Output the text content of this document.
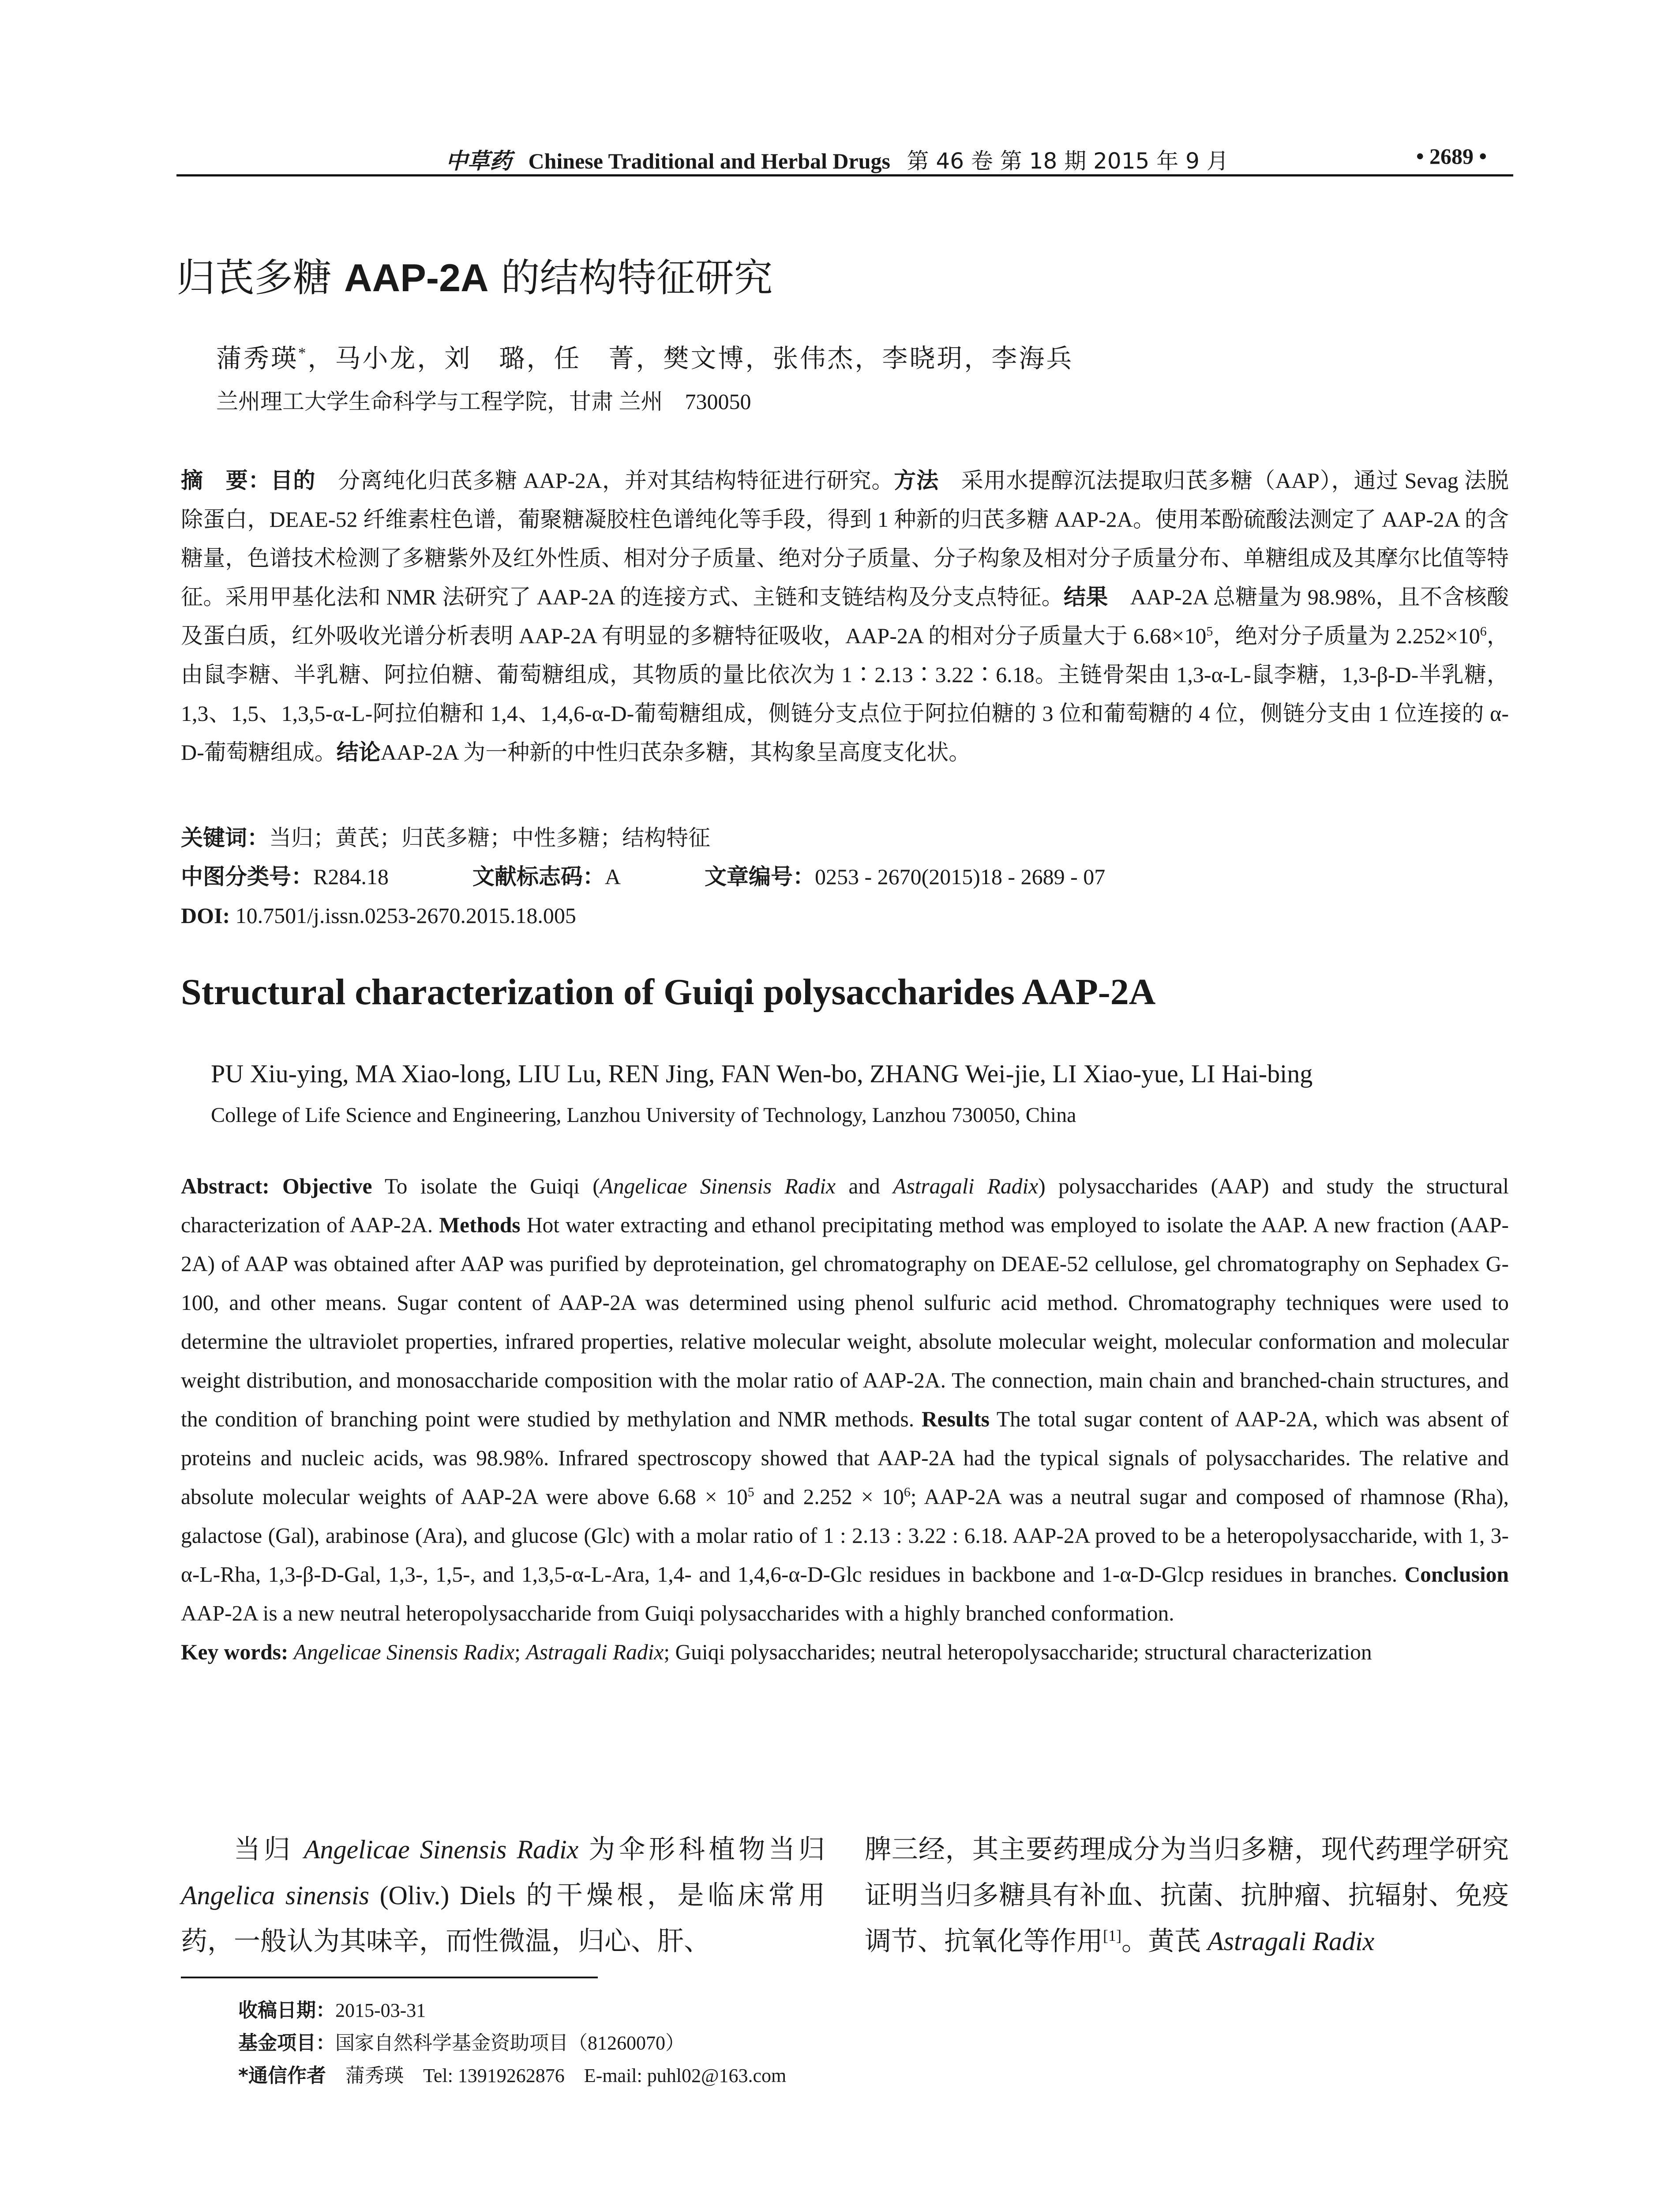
中草药 Chinese Traditional and Herbal Drugs 第 46 卷 第 18 期 2015 年 9 月	• 2689 •
归芪多糖 AAP-2A 的结构特征研究
蒲秀瑛*，马小龙，刘　璐，任　菁，樊文博，张伟杰，李晓玥，李海兵
兰州理工大学生命科学与工程学院，甘肃 兰州　730050

摘　要：目的　分离纯化归芪多糖 AAP-2A，并对其结构特征进行研究。方法　采用水提醇沉法提取归芪多糖（AAP），通过 Sevag 法脱除蛋白，DEAE-52 纤维素柱色谱，葡聚糖凝胶柱色谱纯化等手段，得到 1 种新的归芪多糖 AAP-2A。使用苯酚硫酸法测定了 AAP-2A 的含糖量，色谱技术检测了多糖紫外及红外性质、相对分子质量、绝对分子质量、分子构象及相对分子质量分布、单糖组成及其摩尔比值等特征。采用甲基化法和 NMR 法研究了 AAP-2A 的连接方式、主链和支链结构及分支点特征。结果　AAP-2A 总糖量为 98.98%，且不含核酸及蛋白质，红外吸收光谱分析表明 AAP-2A 有明显的多糖特征吸收，AAP-2A 的相对分子质量大于 $6.68\times 10^5$，绝对分子质量为 $2.252\times 10^6$，由鼠李糖、半乳糖、阿拉伯糖、葡萄糖组成，其物质的量比依次为 1∶2.13∶3.22∶6.18。主链骨架由 1,3-α-L-鼠李糖，1,3-β-D-半乳糖，1,3、1,5、1,3,5-α-L-阿拉伯糖和 1,4、1,4,6-α-D-葡萄糖组成，侧链分支点位于阿拉伯糖的 3 位和葡萄糖的 4 位，侧链分支由 1 位连接的 α-D-葡萄糖组成。结论AAP-2A 为一种新的中性归芪杂多糖，其构象呈高度支化状。

关键词：当归；黄芪；归芪多糖；中性多糖；结构特征

中图分类号：R284.18	文献标志码：A	文章编号：0253 - 2670(2015)18 - 2689 - 07

DOI: 10.7501/j.issn.0253-2670.2015.18.005

Structural characterization of Guiqi polysaccharides AAP-2A
PU Xiu-ying, MA Xiao-long, LIU Lu, REN Jing, FAN Wen-bo, ZHANG Wei-jie, LI Xiao-yue, LI Hai-bing
College of Life Science and Engineering, Lanzhou University of Technology, Lanzhou 730050, China

Abstract: Objective To isolate the Guiqi (Angelicae Sinensis Radix and Astragali Radix) polysaccharides (AAP) and study the structural characterization of AAP-2A. Methods Hot water extracting and ethanol precipitating method was employed to isolate the AAP. A new fraction (AAP-2A) of AAP was obtained after AAP was purified by deproteination, gel chromatography on DEAE-52 cellulose, gel chromatography on Sephadex G-100, and other means. Sugar content of AAP-2A was determined using phenol sulfuric acid method. Chromatography techniques were used to determine the ultraviolet properties, infrared properties, relative molecular weight, absolute molecular weight, molecular conformation and molecular weight distribution, and monosaccharide composition with the molar ratio of AAP-2A. The connection, main chain and branched-chain structures, and the condition of branching point were studied by methylation and NMR methods. Results The total sugar content of AAP-2A, which was absent of proteins and nucleic acids, was 98.98%. Infrared spectroscopy showed that AAP-2A had the typical signals of polysaccharides. The relative and absolute molecular weights of AAP-2A were above $6.68 \times 10^5$ and $2.252 \times 10^6$; AAP-2A was a neutral sugar and composed of rhamnose (Rha), galactose (Gal), arabinose (Ara), and glucose (Glc) with a molar ratio of 1 : 2.13 : 3.22 : 6.18. AAP-2A proved to be a heteropolysaccharide, with 1, 3-α-L-Rha, 1,3-β-D-Gal, 1,3-, 1,5-, and 1,3,5-α-L-Ara, 1,4- and 1,4,6-α-D-Glc residues in backbone and 1-α-D-Glcp residues in branches. Conclusion AAP-2A is a new neutral heteropolysaccharide from Guiqi polysaccharides with a highly branched conformation.

Key words: Angelicae Sinensis Radix; Astragali Radix; Guiqi polysaccharides; neutral heteropolysaccharide; structural characterization

当归 Angelicae Sinensis Radix 为伞形科植物当归 Angelica sinensis (Oliv.) Diels 的干燥根，是临床常用药，一般认为其味辛，而性微温，归心、肝、

脾三经，其主要药理成分为当归多糖，现代药理学研究证明当归多糖具有补血、抗菌、抗肿瘤、抗辐射、免疫调节、抗氧化等作用[1]。黄芪 Astragali Radix

收稿日期：2015-03-31
基金项目：国家自然科学基金资助项目（81260070）
*通信作者　蒲秀瑛　Tel: 13919262876　E-mail: puhl02@163.com
